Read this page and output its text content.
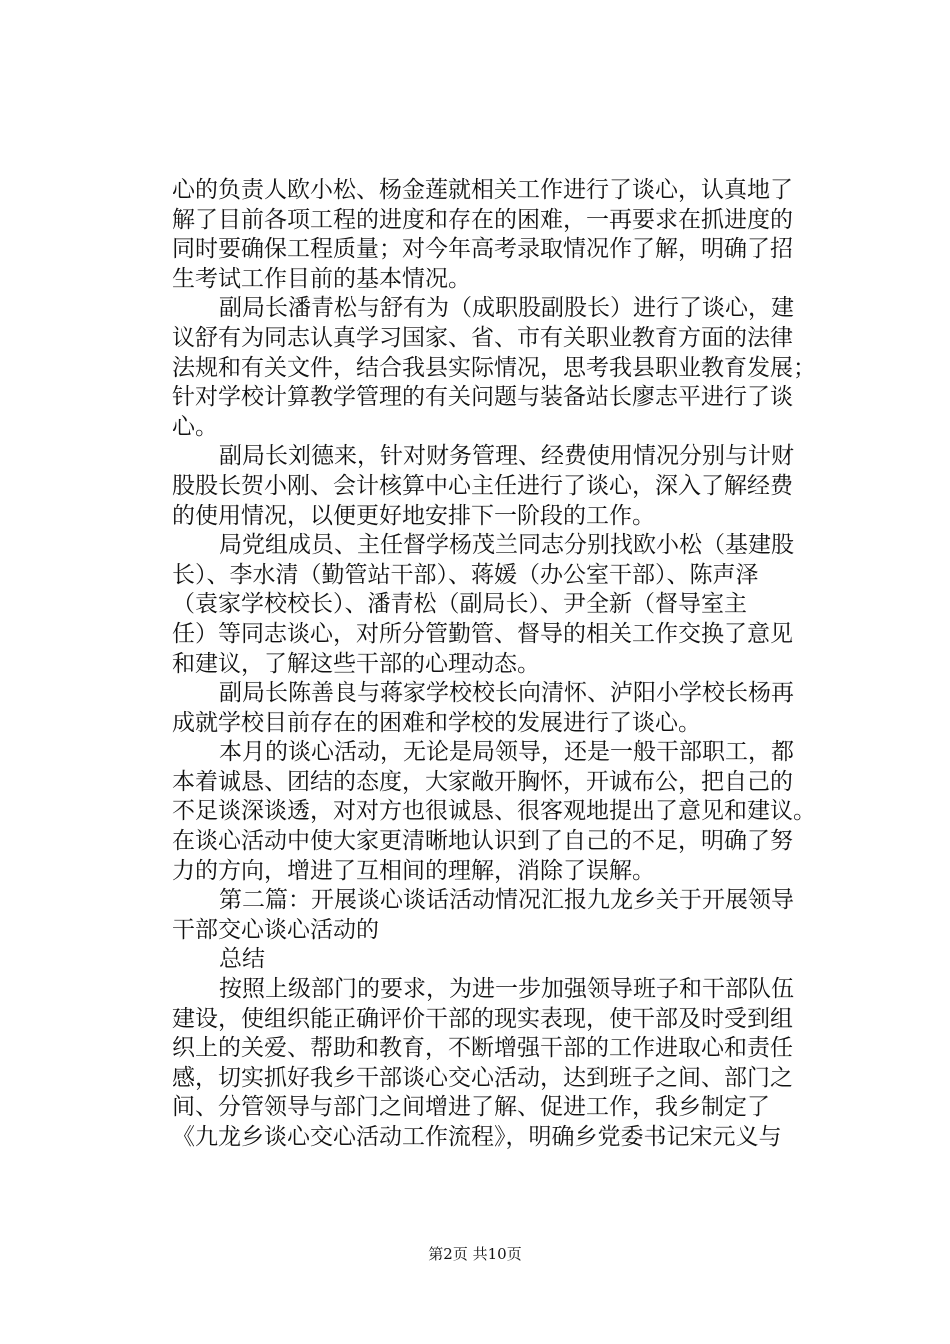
心的负责人欧小松、杨金莲就相关工作进行了谈心，认真地了
解了目前各项工程的进度和存在的困难，一再要求在抓进度的
同时要确保工程质量；对今年高考录取情况作了解，明确了招
生考试工作目前的基本情况。
副局长潘青松与舒有为（成职股副股长）进行了谈心，建
议舒有为同志认真学习国家、省、市有关职业教育方面的法律
法规和有关文件，结合我县实际情况，思考我县职业教育发展；
针对学校计算教学管理的有关问题与装备站长廖志平进行了谈
心。
副局长刘德来，针对财务管理、经费使用情况分别与计财
股股长贺小刚、会计核算中心主任进行了谈心，深入了解经费
的使用情况，以便更好地安排下一阶段的工作。
局党组成员、主任督学杨茂兰同志分别找欧小松（基建股
长）、李水清（勤管站干部）、蒋媛（办公室干部）、陈声泽
（袁家学校校长）、潘青松（副局长）、尹全新（督导室主
任）等同志谈心，对所分管勤管、督导的相关工作交换了意见
和建议，了解这些干部的心理动态。
副局长陈善良与蒋家学校校长向清怀、泸阳小学校长杨再
成就学校目前存在的困难和学校的发展进行了谈心。
本月的谈心活动，无论是局领导，还是一般干部职工，都
本着诚恳、团结的态度，大家敞开胸怀，开诚布公，把自己的
不足谈深谈透，对对方也很诚恳、很客观地提出了意见和建议。
在谈心活动中使大家更清晰地认识到了自己的不足，明确了努
力的方向，增进了互相间的理解，消除了误解。
第二篇：开展谈心谈话活动情况汇报九龙乡关于开展领导
干部交心谈心活动的
总结
按照上级部门的要求，为进一步加强领导班子和干部队伍
建设，使组织能正确评价干部的现实表现，使干部及时受到组
织上的关爱、帮助和教育，不断增强干部的工作进取心和责任
感，切实抓好我乡干部谈心交心活动，达到班子之间、部门之
间、分管领导与部门之间增进了解、促进工作，我乡制定了
《九龙乡谈心交心活动工作流程》，明确乡党委书记宋元义与
第2页 共10页
